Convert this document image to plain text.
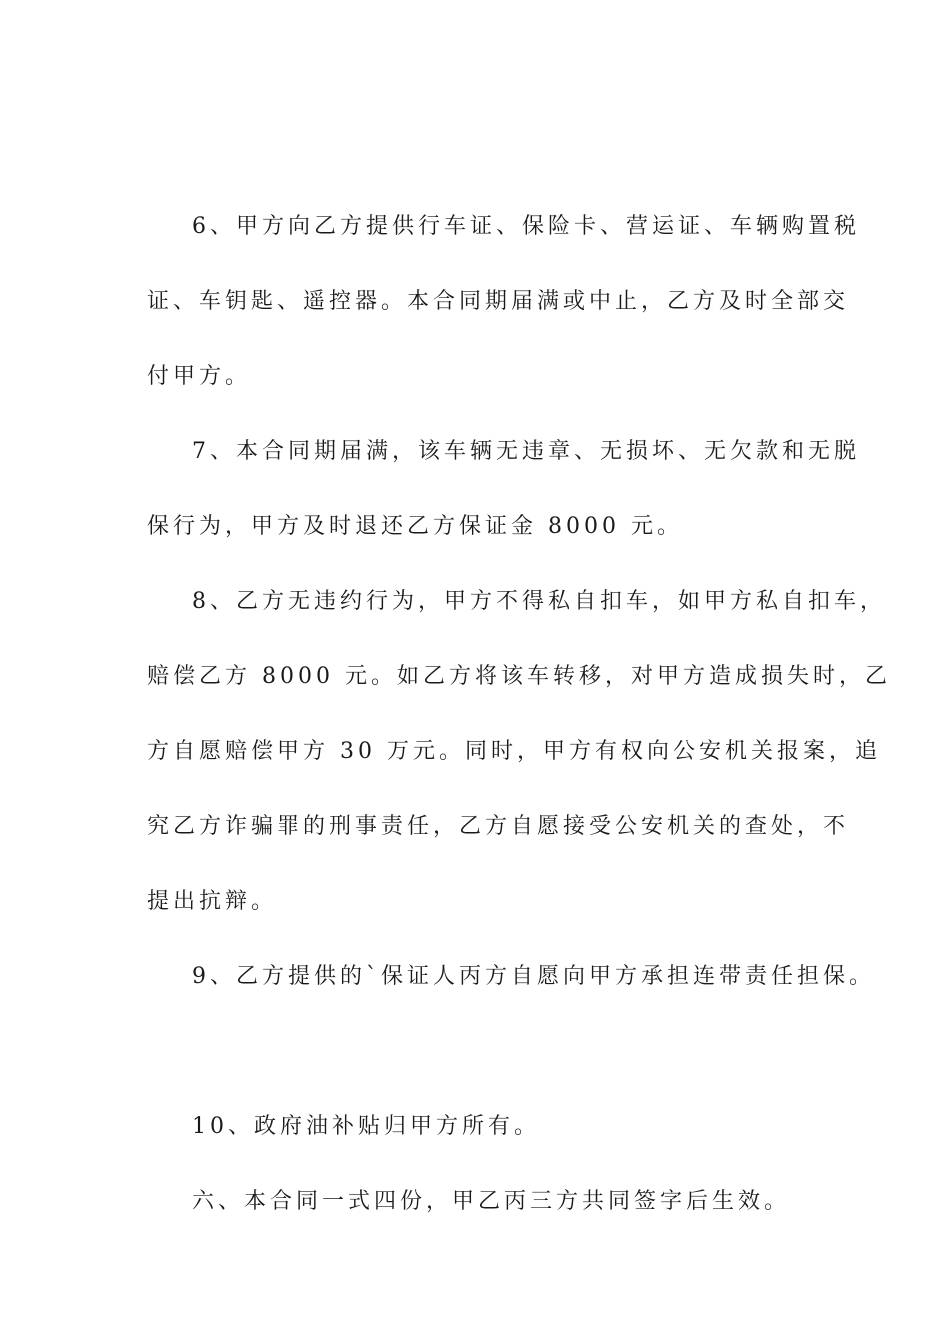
6、甲方向乙方提供行车证、保险卡、营运证、车辆购置税
证、车钥匙、遥控器。本合同期届满或中止，乙方及时全部交
付甲方。
7、本合同期届满，该车辆无违章、无损坏、无欠款和无脱
保行为，甲方及时退还乙方保证金 8000 元。
8、乙方无违约行为，甲方不得私自扣车，如甲方私自扣车，
赔偿乙方 8000 元。如乙方将该车转移，对甲方造成损失时，乙
方自愿赔偿甲方 30 万元。同时，甲方有权向公安机关报案，追
究乙方诈骗罪的刑事责任，乙方自愿接受公安机关的查处，不
提出抗辩。
9、乙方提供的`保证人丙方自愿向甲方承担连带责任担保。
10、政府油补贴归甲方所有。
六、本合同一式四份，甲乙丙三方共同签字后生效。
